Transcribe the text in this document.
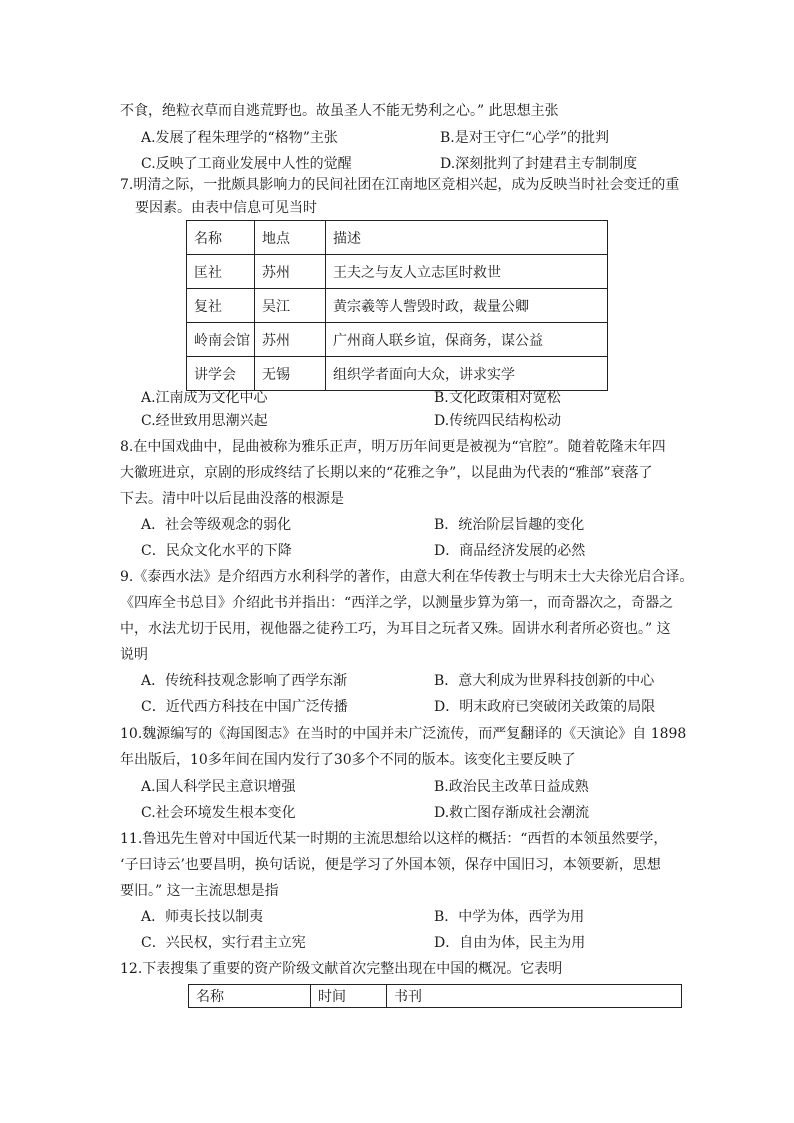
不食，绝粒衣草而自逃荒野也。故虽圣人不能无势利之心。” 此思想主张
A.发展了程朱理学的“格物”主张	B.是对王守仁“心学”的批判
C.反映了工商业发展中人性的觉醒	D.深刻批判了封建君主专制制度
7.明清之际，一批颇具影响力的民间社团在江南地区竞相兴起，成为反映当时社会变迁的重
要因素。由表中信息可见当时
名称	地点	描述
匡社	苏州	王夫之与友人立志匡时救世
复社	吴江	黄宗羲等人訾毁时政，裁量公卿
岭南会馆	苏州	广州商人联乡谊，保商务，谋公益
讲学会	无锡	组织学者面向大众，讲求实学
A.江南成为文化中心	B.文化政策相对宽松
C.经世致用思潮兴起	D.传统四民结构松动
8.在中国戏曲中，昆曲被称为雅乐正声，明万历年间更是被视为“官腔”。随着乾隆末年四
大徽班进京，京剧的形成终结了长期以来的“花雅之争”，以昆曲为代表的“雅部”衰落了
下去。清中叶以后昆曲没落的根源是
A．社会等级观念的弱化	B．统治阶层旨趣的变化
C．民众文化水平的下降	D．商品经济发展的必然
9.《泰西水法》是介绍西方水利科学的著作，由意大利在华传教士与明末士大夫徐光启合译。
《四库全书总目》介绍此书并指出：“西洋之学，以测量步算为第一，而奇器次之，奇器之
中，水法尤切于民用，视他器之徒矜工巧，为耳目之玩者又殊。固讲水利者所必资也。” 这
说明
A．传统科技观念影响了西学东渐	B．意大利成为世界科技创新的中心
C．近代西方科技在中国广泛传播	D．明末政府已突破闭关政策的局限
10.魏源编写的《海国图志》在当时的中国并未广泛流传，而严复翻译的《天演论》自 1898
年出版后，10多年间在国内发行了30多个不同的版本。该变化主要反映了
A.国人科学民主意识增强	B.政治民主改革日益成熟
C.社会环境发生根本变化	D.救亡图存渐成社会潮流
11.鲁迅先生曾对中国近代某一时期的主流思想给以这样的概括：“西哲的本领虽然要学，
‘子曰诗云’也要昌明，换句话说，便是学习了外国本领，保存中国旧习，本领要新，思想
要旧。” 这一主流思想是指
A．师夷长技以制夷	B．中学为体，西学为用
C．兴民权，实行君主立宪	D．自由为体，民主为用
12.下表搜集了重要的资产阶级文献首次完整出现在中国的概况。它表明
名称	时间	书刊
